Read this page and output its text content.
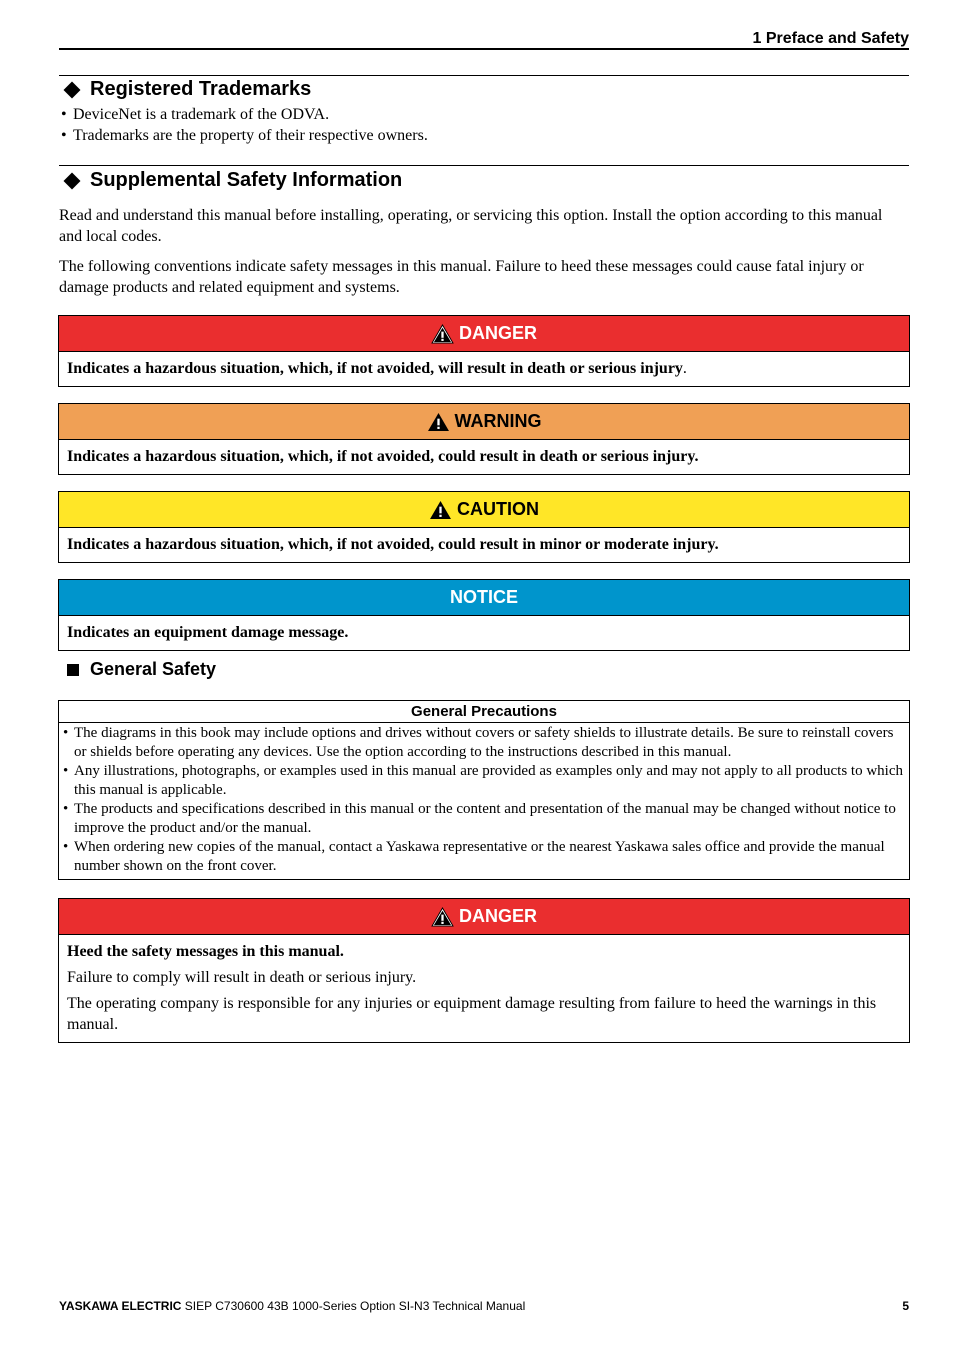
1 Preface and Safety
Registered Trademarks
• DeviceNet is a trademark of the ODVA.
• Trademarks are the property of their respective owners.
Supplemental Safety Information

Read and understand this manual before installing, operating, or servicing this option. Install the option according to this manual and local codes.

The following conventions indicate safety messages in this manual. Failure to heed these messages could cause fatal injury or damage products and related equipment and systems.

DANGER
Indicates a hazardous situation, which, if not avoided, will result in death or serious injury.
WARNING
Indicates a hazardous situation, which, if not avoided, could result in death or serious injury.
CAUTION
Indicates a hazardous situation, which, if not avoided, could result in minor or moderate injury.
NOTICE
Indicates an equipment damage message.
General Safety
General Precautions
• The diagrams in this book may include options and drives without covers or safety shields to illustrate details. Be sure to reinstall covers or shields before operating any devices. Use the option according to the instructions described in this manual.
• Any illustrations, photographs, or examples used in this manual are provided as examples only and may not apply to all products to which this manual is applicable.
• The products and specifications described in this manual or the content and presentation of the manual may be changed without notice to improve the product and/or the manual.
• When ordering new copies of the manual, contact a Yaskawa representative or the nearest Yaskawa sales office and provide the manual number shown on the front cover.
DANGER

Heed the safety messages in this manual.

Failure to comply will result in death or serious injury.

The operating company is responsible for any injuries or equipment damage resulting from failure to heed the warnings in this manual.

YASKAWA ELECTRIC SIEP C730600 43B 1000-Series Option SI-N3 Technical Manual	5
